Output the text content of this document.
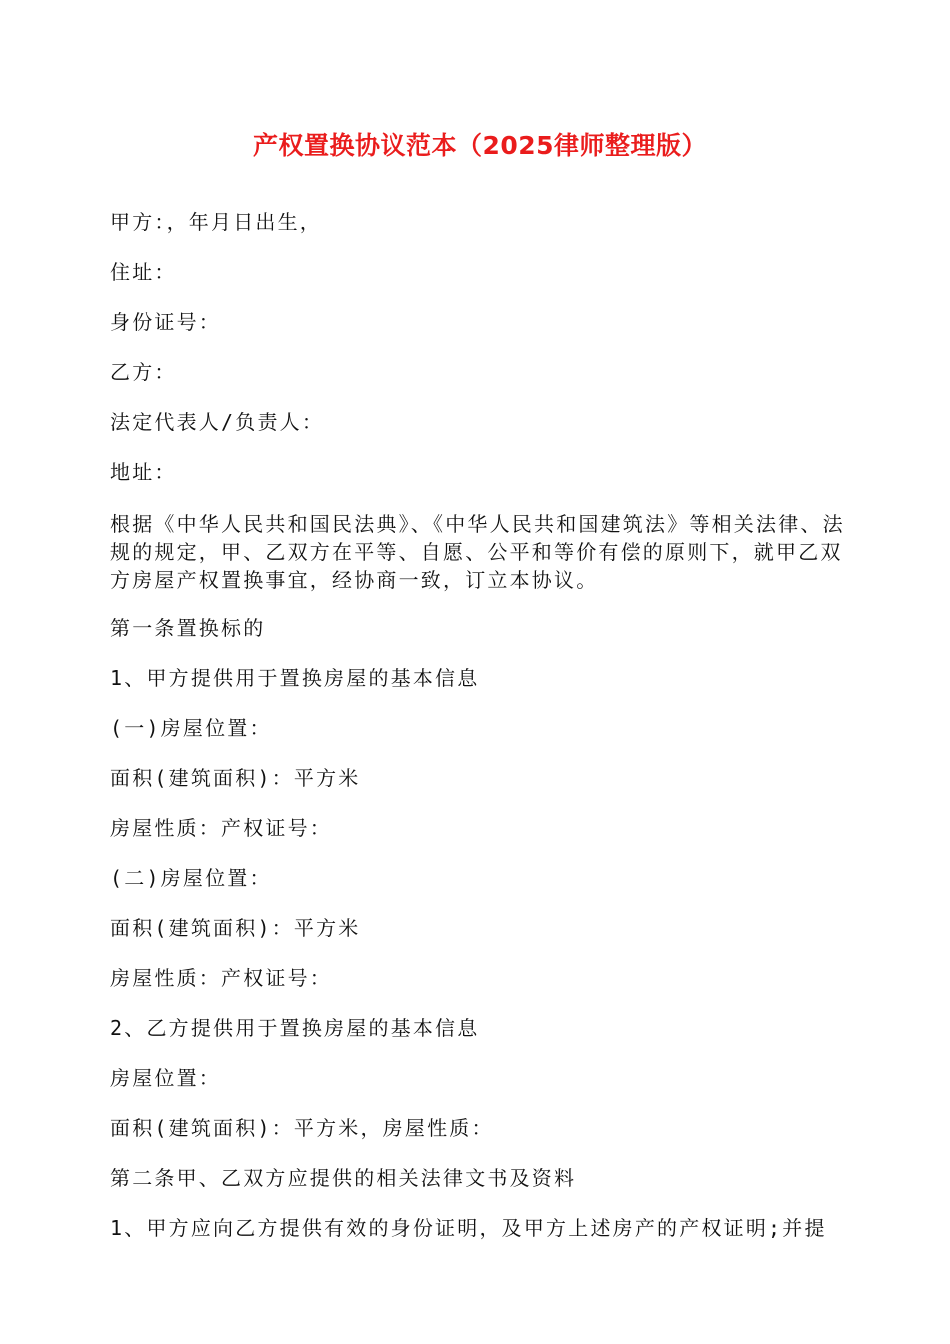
产权置换协议范本（2025律师整理版）
甲方：，年月日出生，
住址：
身份证号：
乙方：
法定代表人/负责人：
地址：
根据《中华人民共和国民法典》、《中华人民共和国建筑法》等相关法律、法规的规定，甲、乙双方在平等、自愿、公平和等价有偿的原则下，就甲乙双方房屋产权置换事宜，经协商一致，订立本协议。
第一条置换标的
1、甲方提供用于置换房屋的基本信息
(一)房屋位置：
面积(建筑面积)：平方米
房屋性质：产权证号：
(二)房屋位置：
面积(建筑面积)：平方米
房屋性质：产权证号：
2、乙方提供用于置换房屋的基本信息
房屋位置：
面积(建筑面积)：平方米，房屋性质：
第二条甲、乙双方应提供的相关法律文书及资料
1、甲方应向乙方提供有效的身份证明，及甲方上述房产的产权证明;并提
